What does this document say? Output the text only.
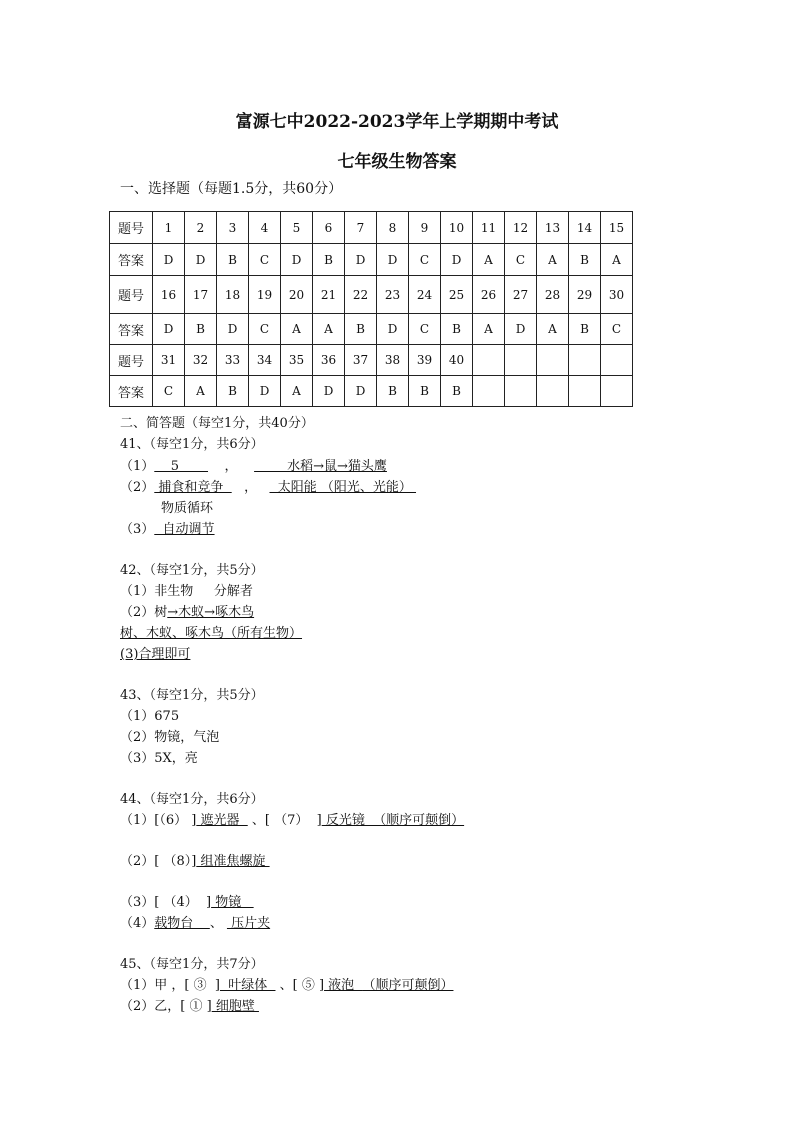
富源七中2022-2023学年上学期期中考试
七年级生物答案
一、选择题（每题1.5分，共60分）
题号	1	2	3	4	5	6	7	8	9	10	11	12	13	14	15
答案	D	D	B	C	D	B	D	D	C	D	A	C	A	B	A
题号	16	17	18	19	20	21	22	23	24	25	26	27	28	29	30
答案	D	B	D	C	A	A	B	D	C	B	A	D	A	B	C
题号	31	32	33	34	35	36	37	38	39	40					
答案	C	A	B	D	A	D	D	B	B	B					
二、简答题（每空1分，共40分）
41、（每空1分，共6分）
（1）    5           ，            水稻→鼠→猫头鹰
（2） 捕食和竞争     ，     太阳能 （阳光、光能）
物质循环
（3）  自动调节
42、（每空1分，共5分）
（1）非生物     分解者
（2）树→木蚁→啄木鸟
树、木蚁、啄木鸟（所有生物）
(3)合理即可
43、（每空1分，共5分）
（1）675
（2）物镜，气泡
（3）5X，亮
44、（每空1分，共6分）
（1）[（6） ] 遮光器   、[ （7）  ] 反光镜  （顺序可颠倒）
（2）[ （8）] 组准焦螺旋
（3）[ （4）  ] 物镜
（4）载物台    、  压片夹
45、（每空1分，共7分）
（1）甲 ，[ ③  ]  叶绿体   、[ ⑤ ] 液泡  （顺序可颠倒）
（2）乙，[ ① ] 细胞壁
